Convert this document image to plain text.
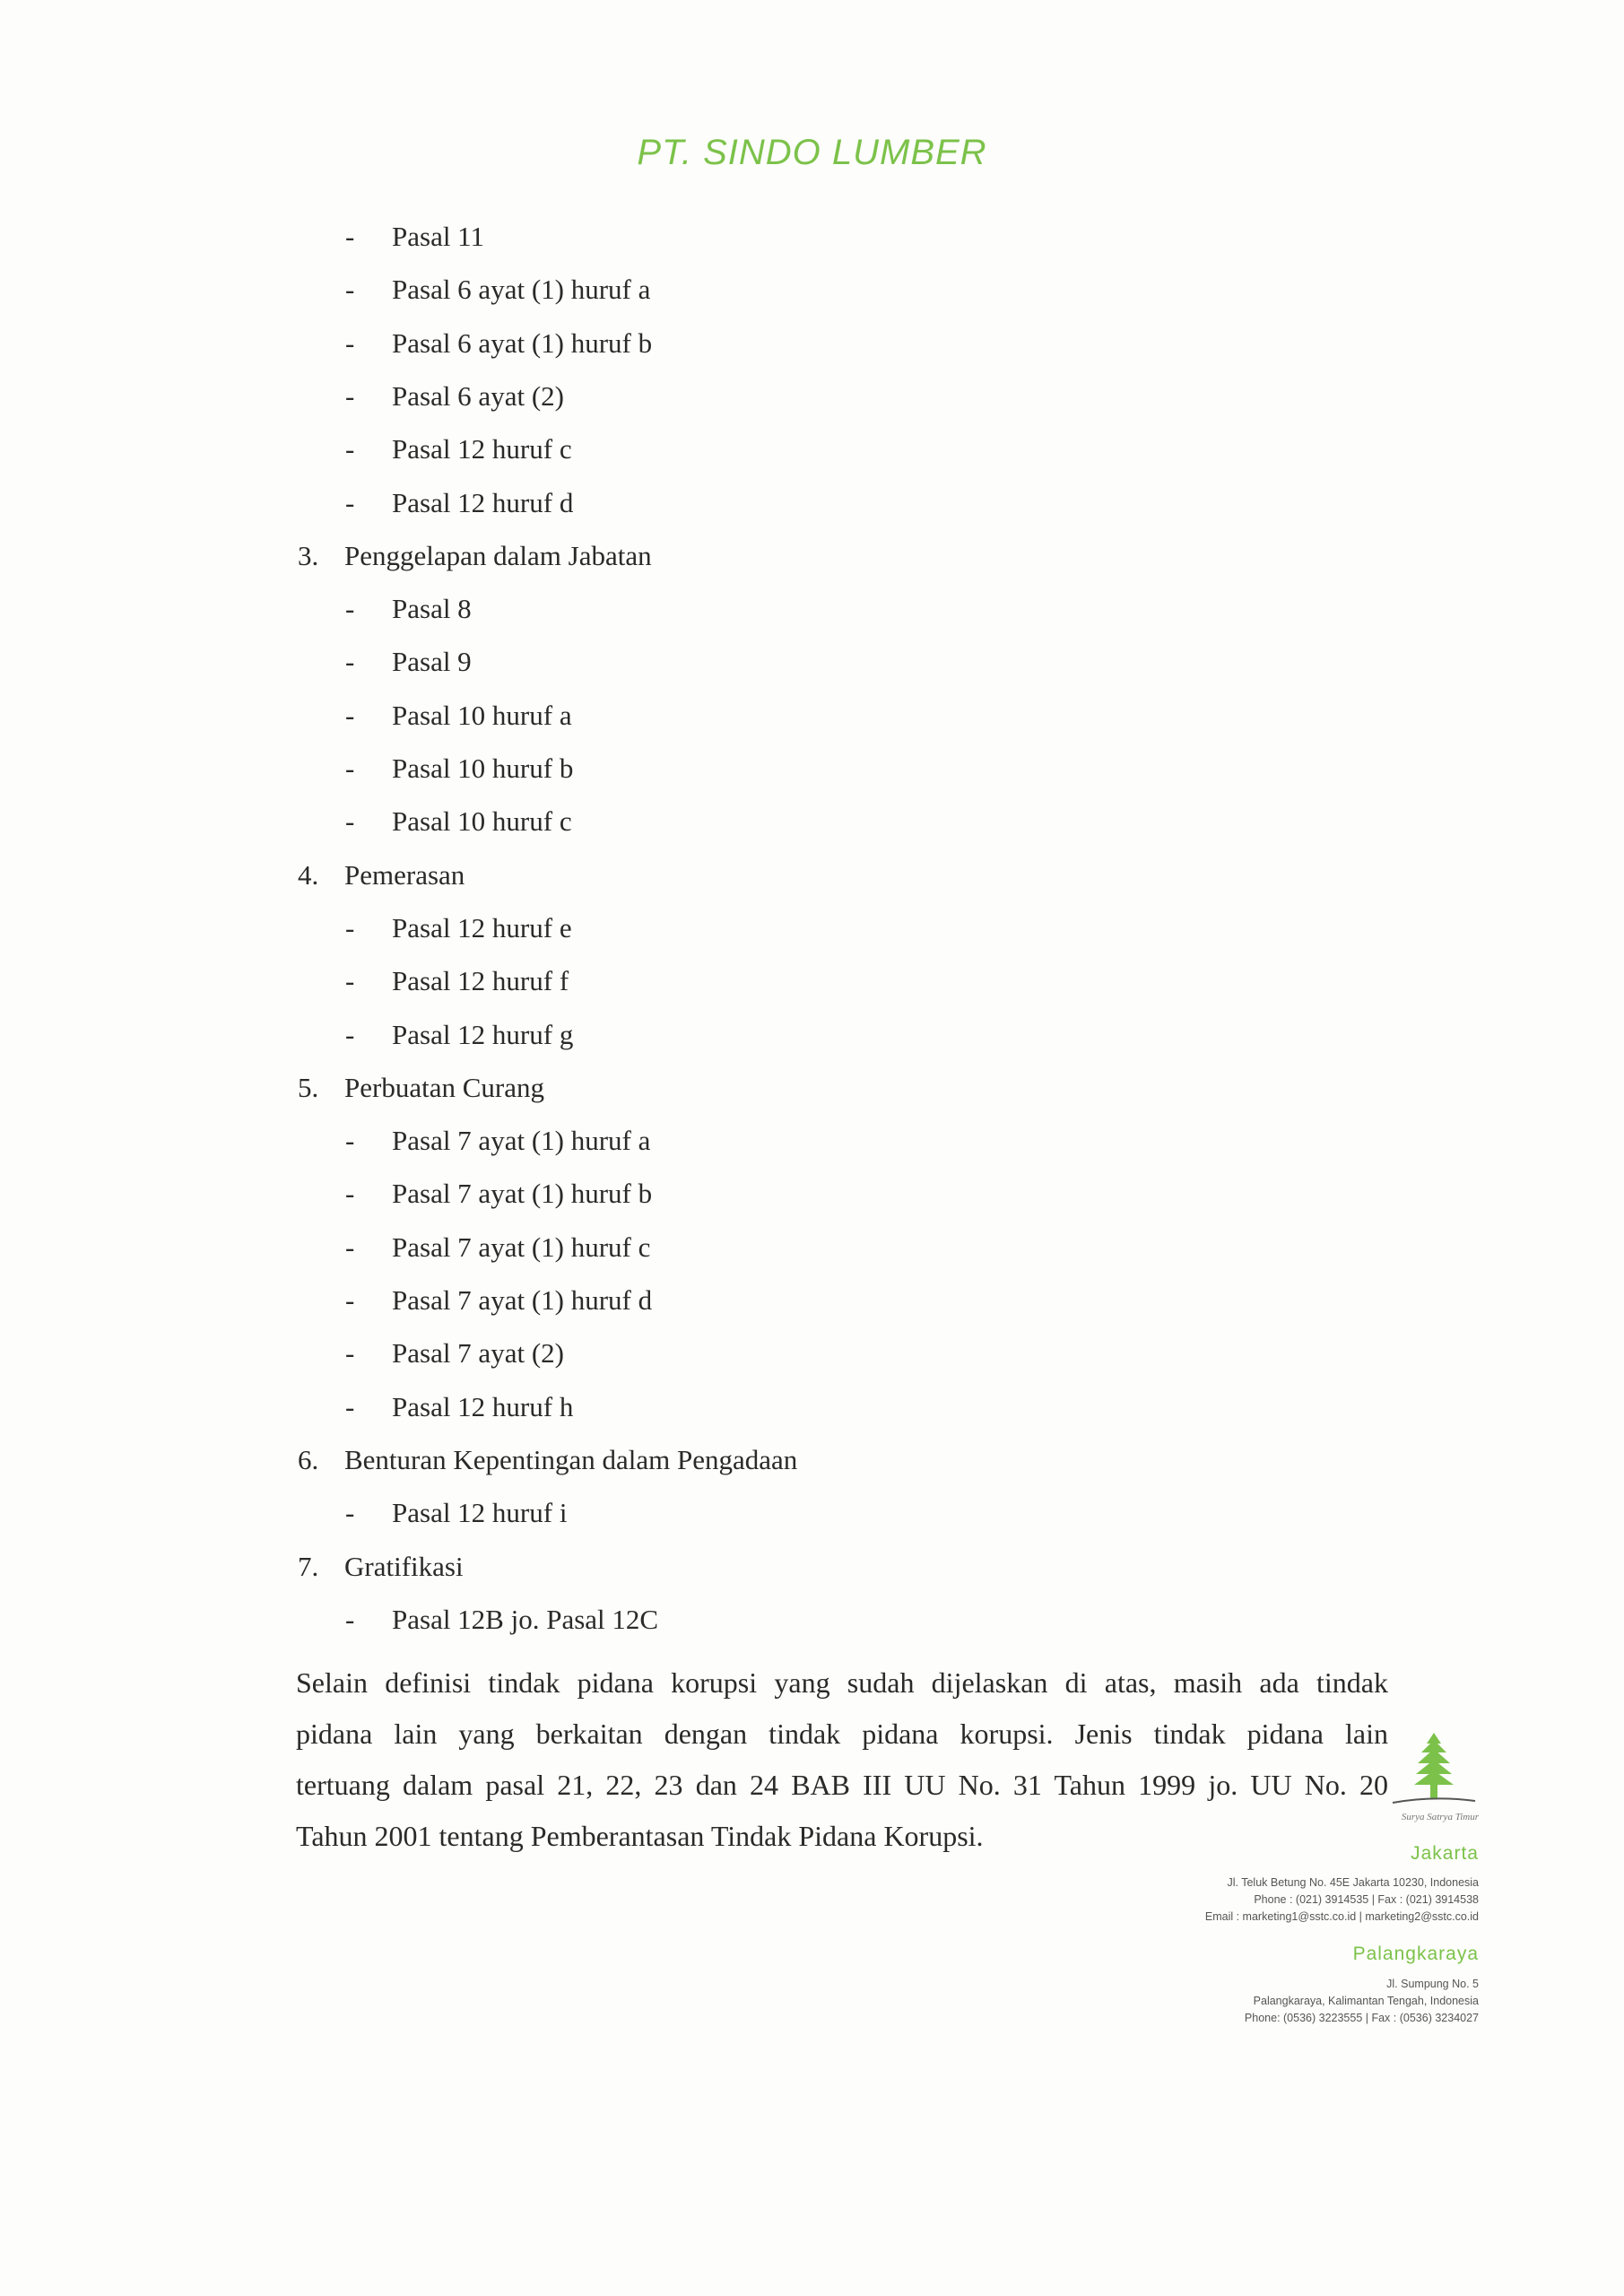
PT. SINDO LUMBER
- Pasal 11
- Pasal 6 ayat (1) huruf a
- Pasal 6 ayat (1) huruf b
- Pasal 6 ayat (2)
- Pasal 12 huruf c
- Pasal 12 huruf d
3. Penggelapan dalam Jabatan
- Pasal 8
- Pasal 9
- Pasal 10 huruf a
- Pasal 10 huruf b
- Pasal 10 huruf c
4. Pemerasan
- Pasal 12 huruf e
- Pasal 12 huruf f
- Pasal 12 huruf g
5. Perbuatan Curang
- Pasal 7 ayat (1) huruf a
- Pasal 7 ayat (1) huruf b
- Pasal 7 ayat (1) huruf c
- Pasal 7 ayat (1) huruf d
- Pasal 7 ayat (2)
- Pasal 12 huruf h
6. Benturan Kepentingan dalam Pengadaan
- Pasal 12 huruf i
7. Gratifikasi
- Pasal 12B jo. Pasal 12C
Selain definisi tindak pidana korupsi yang sudah dijelaskan di atas, masih ada tindak
pidana lain yang berkaitan dengan tindak pidana korupsi. Jenis tindak pidana lain
tertuang dalam pasal 21, 22, 23 dan 24 BAB III UU No. 31 Tahun 1999 jo. UU No. 20
Tahun 2001 tentang Pemberantasan Tindak Pidana Korupsi.
Surya Satrya Timur
Jakarta
Jl. Teluk Betung No. 45E Jakarta 10230, Indonesia
Phone : (021) 3914535 | Fax : (021) 3914538
Email : marketing1@sstc.co.id | marketing2@sstc.co.id
Palangkaraya
Jl. Sumpung No. 5
Palangkaraya, Kalimantan Tengah, Indonesia
Phone: (0536) 3223555 | Fax : (0536) 3234027
